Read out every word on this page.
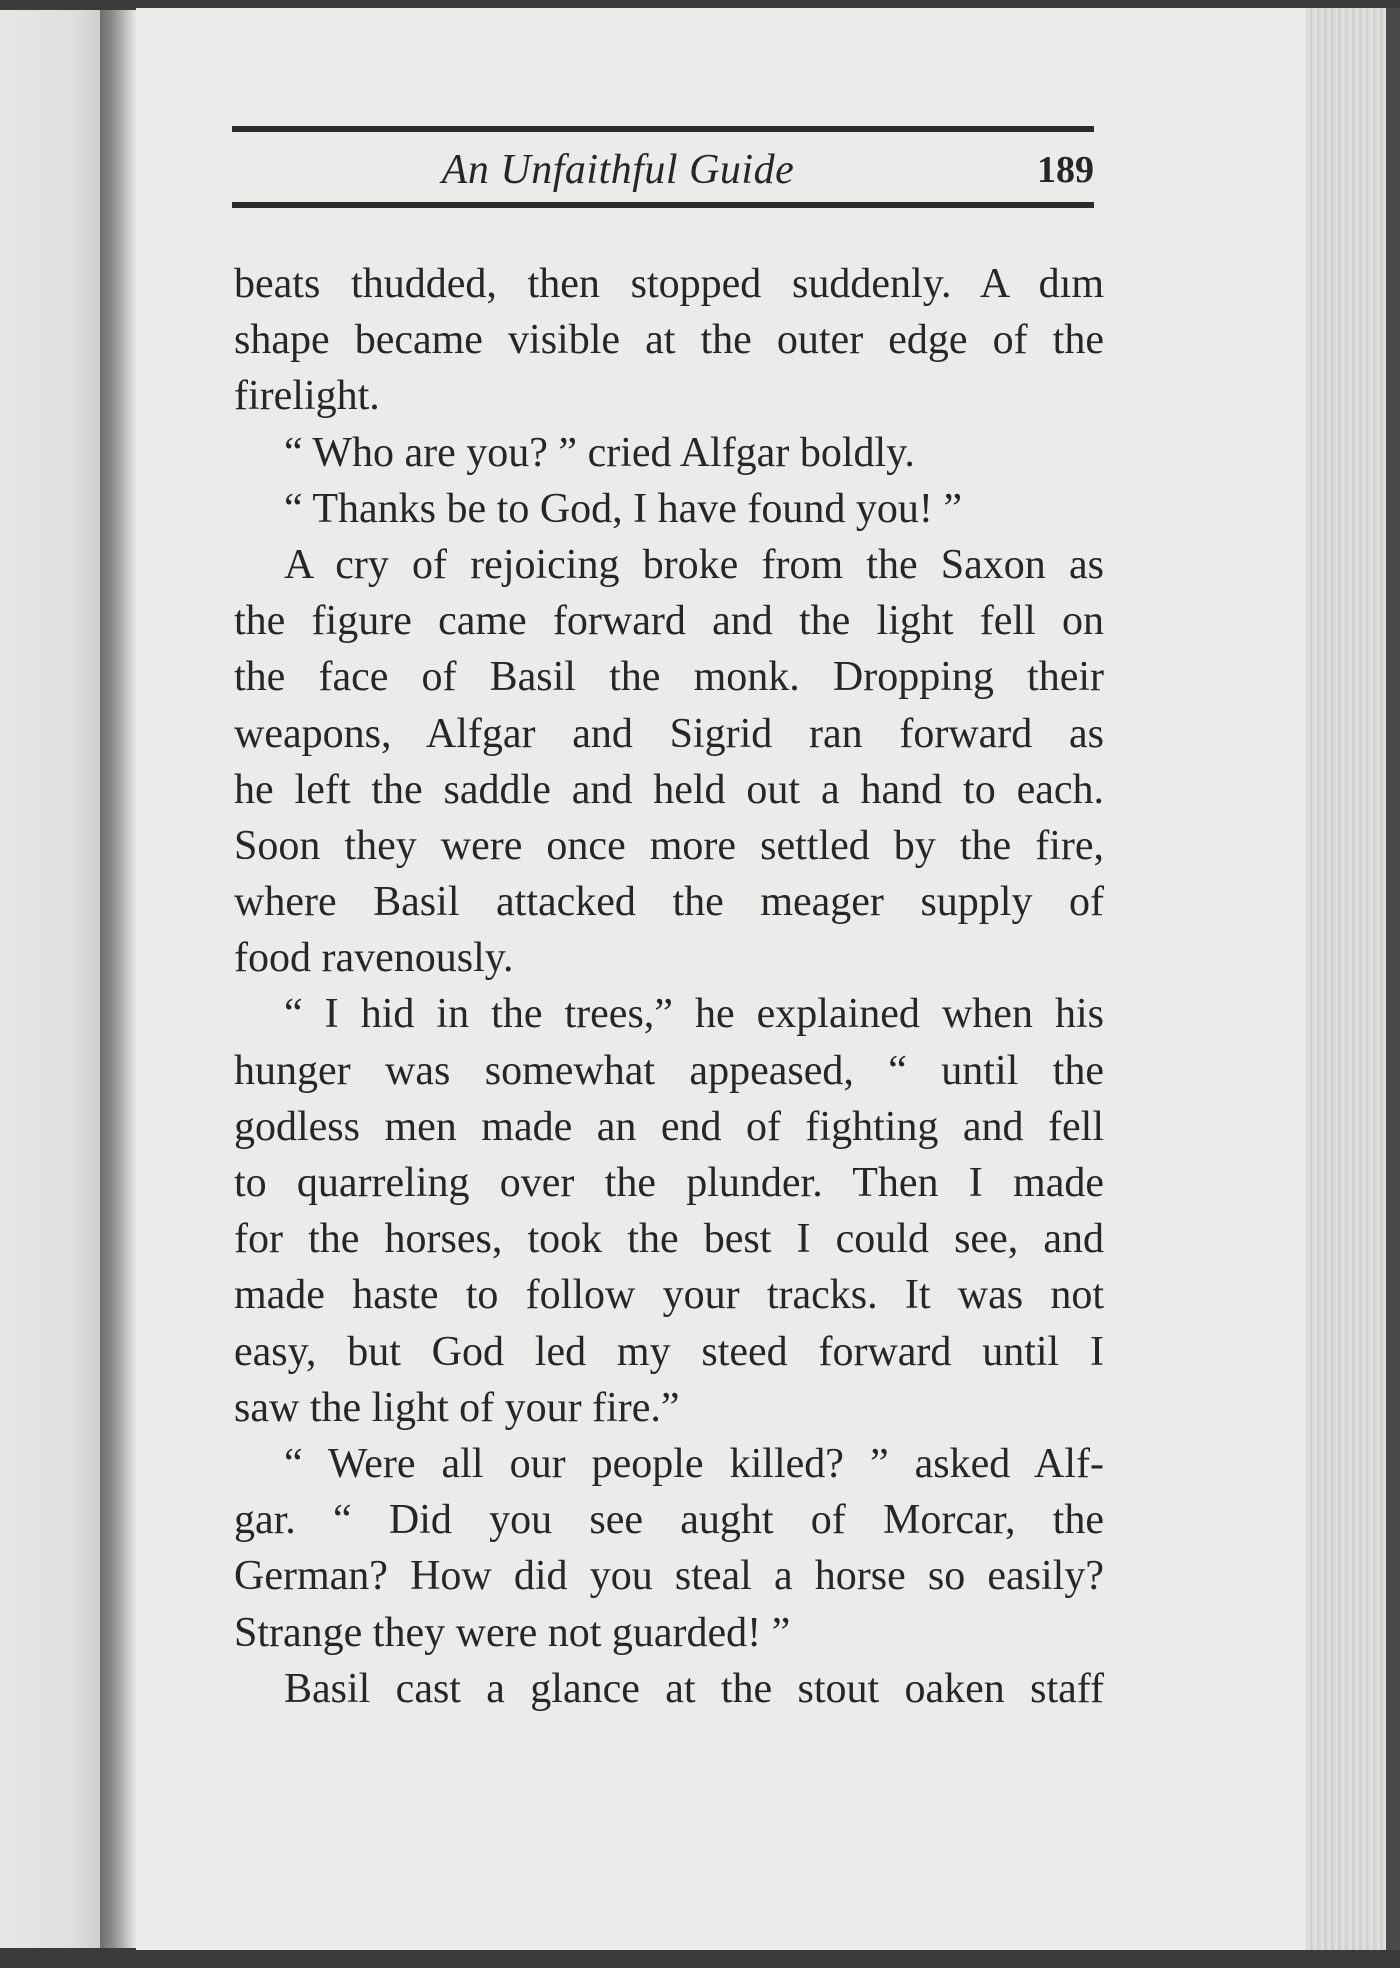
An Unfaithful Guide	189
beats thudded, then stopped suddenly. A dım
shape became visible at the outer edge of the
firelight.
“ Who are you? ” cried Alfgar boldly.
“ Thanks be to God, I have found you! ”
A cry of rejoicing broke from the Saxon as
the figure came forward and the light fell on
the face of Basil the monk. Dropping their
weapons, Alfgar and Sigrid ran forward as
he left the saddle and held out a hand to each.
Soon they were once more settled by the fire,
where Basil attacked the meager supply of
food ravenously.
“ I hid in the trees,” he explained when his
hunger was somewhat appeased, “ until the
godless men made an end of fighting and fell
to quarreling over the plunder. Then I made
for the horses, took the best I could see, and
made haste to follow your tracks. It was not
easy, but God led my steed forward until I
saw the light of your fire.”
“ Were all our people killed? ” asked Alf-
gar. “ Did you see aught of Morcar, the
German? How did you steal a horse so easily?
Strange they were not guarded! ”
Basil cast a glance at the stout oaken staff
